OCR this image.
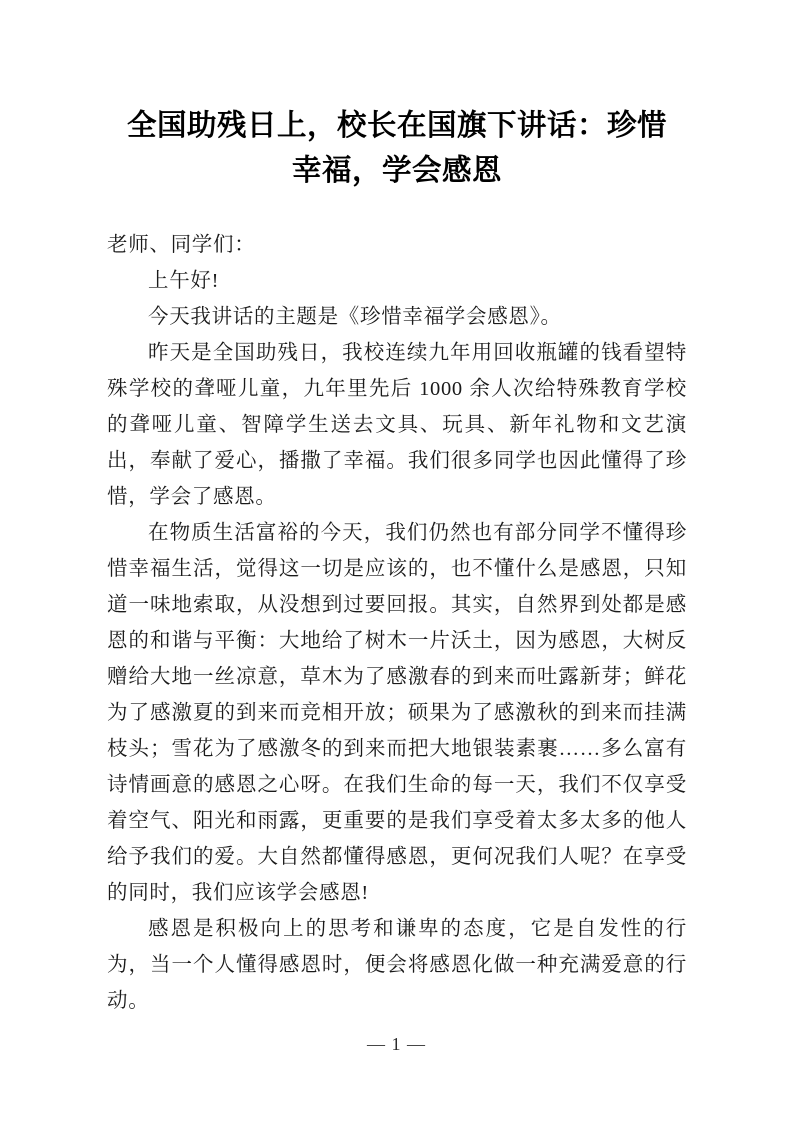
全国助残日上，校长在国旗下讲话：珍惜
幸福，学会感恩

老师、同学们：

上午好!

今天我讲话的主题是《珍惜幸福学会感恩》。

昨天是全国助残日，我校连续九年用回收瓶罐的钱看望特殊学校的聋哑儿童，九年里先后 1000 余人次给特殊教育学校的聋哑儿童、智障学生送去文具、玩具、新年礼物和文艺演出，奉献了爱心，播撒了幸福。我们很多同学也因此懂得了珍惜，学会了感恩。

在物质生活富裕的今天，我们仍然也有部分同学不懂得珍惜幸福生活，觉得这一切是应该的，也不懂什么是感恩，只知道一味地索取，从没想到过要回报。其实，自然界到处都是感恩的和谐与平衡：大地给了树木一片沃土，因为感恩，大树反赠给大地一丝凉意，草木为了感激春的到来而吐露新芽；鲜花为了感激夏的到来而竞相开放；硕果为了感激秋的到来而挂满枝头；雪花为了感激冬的到来而把大地银装素裹……多么富有诗情画意的感恩之心呀。在我们生命的每一天，我们不仅享受着空气、阳光和雨露，更重要的是我们享受着太多太多的他人给予我们的爱。大自然都懂得感恩，更何况我们人呢？在享受的同时，我们应该学会感恩!

感恩是积极向上的思考和谦卑的态度，它是自发性的行为，当一个人懂得感恩时，便会将感恩化做一种充满爱意的行动。

— 1 —
